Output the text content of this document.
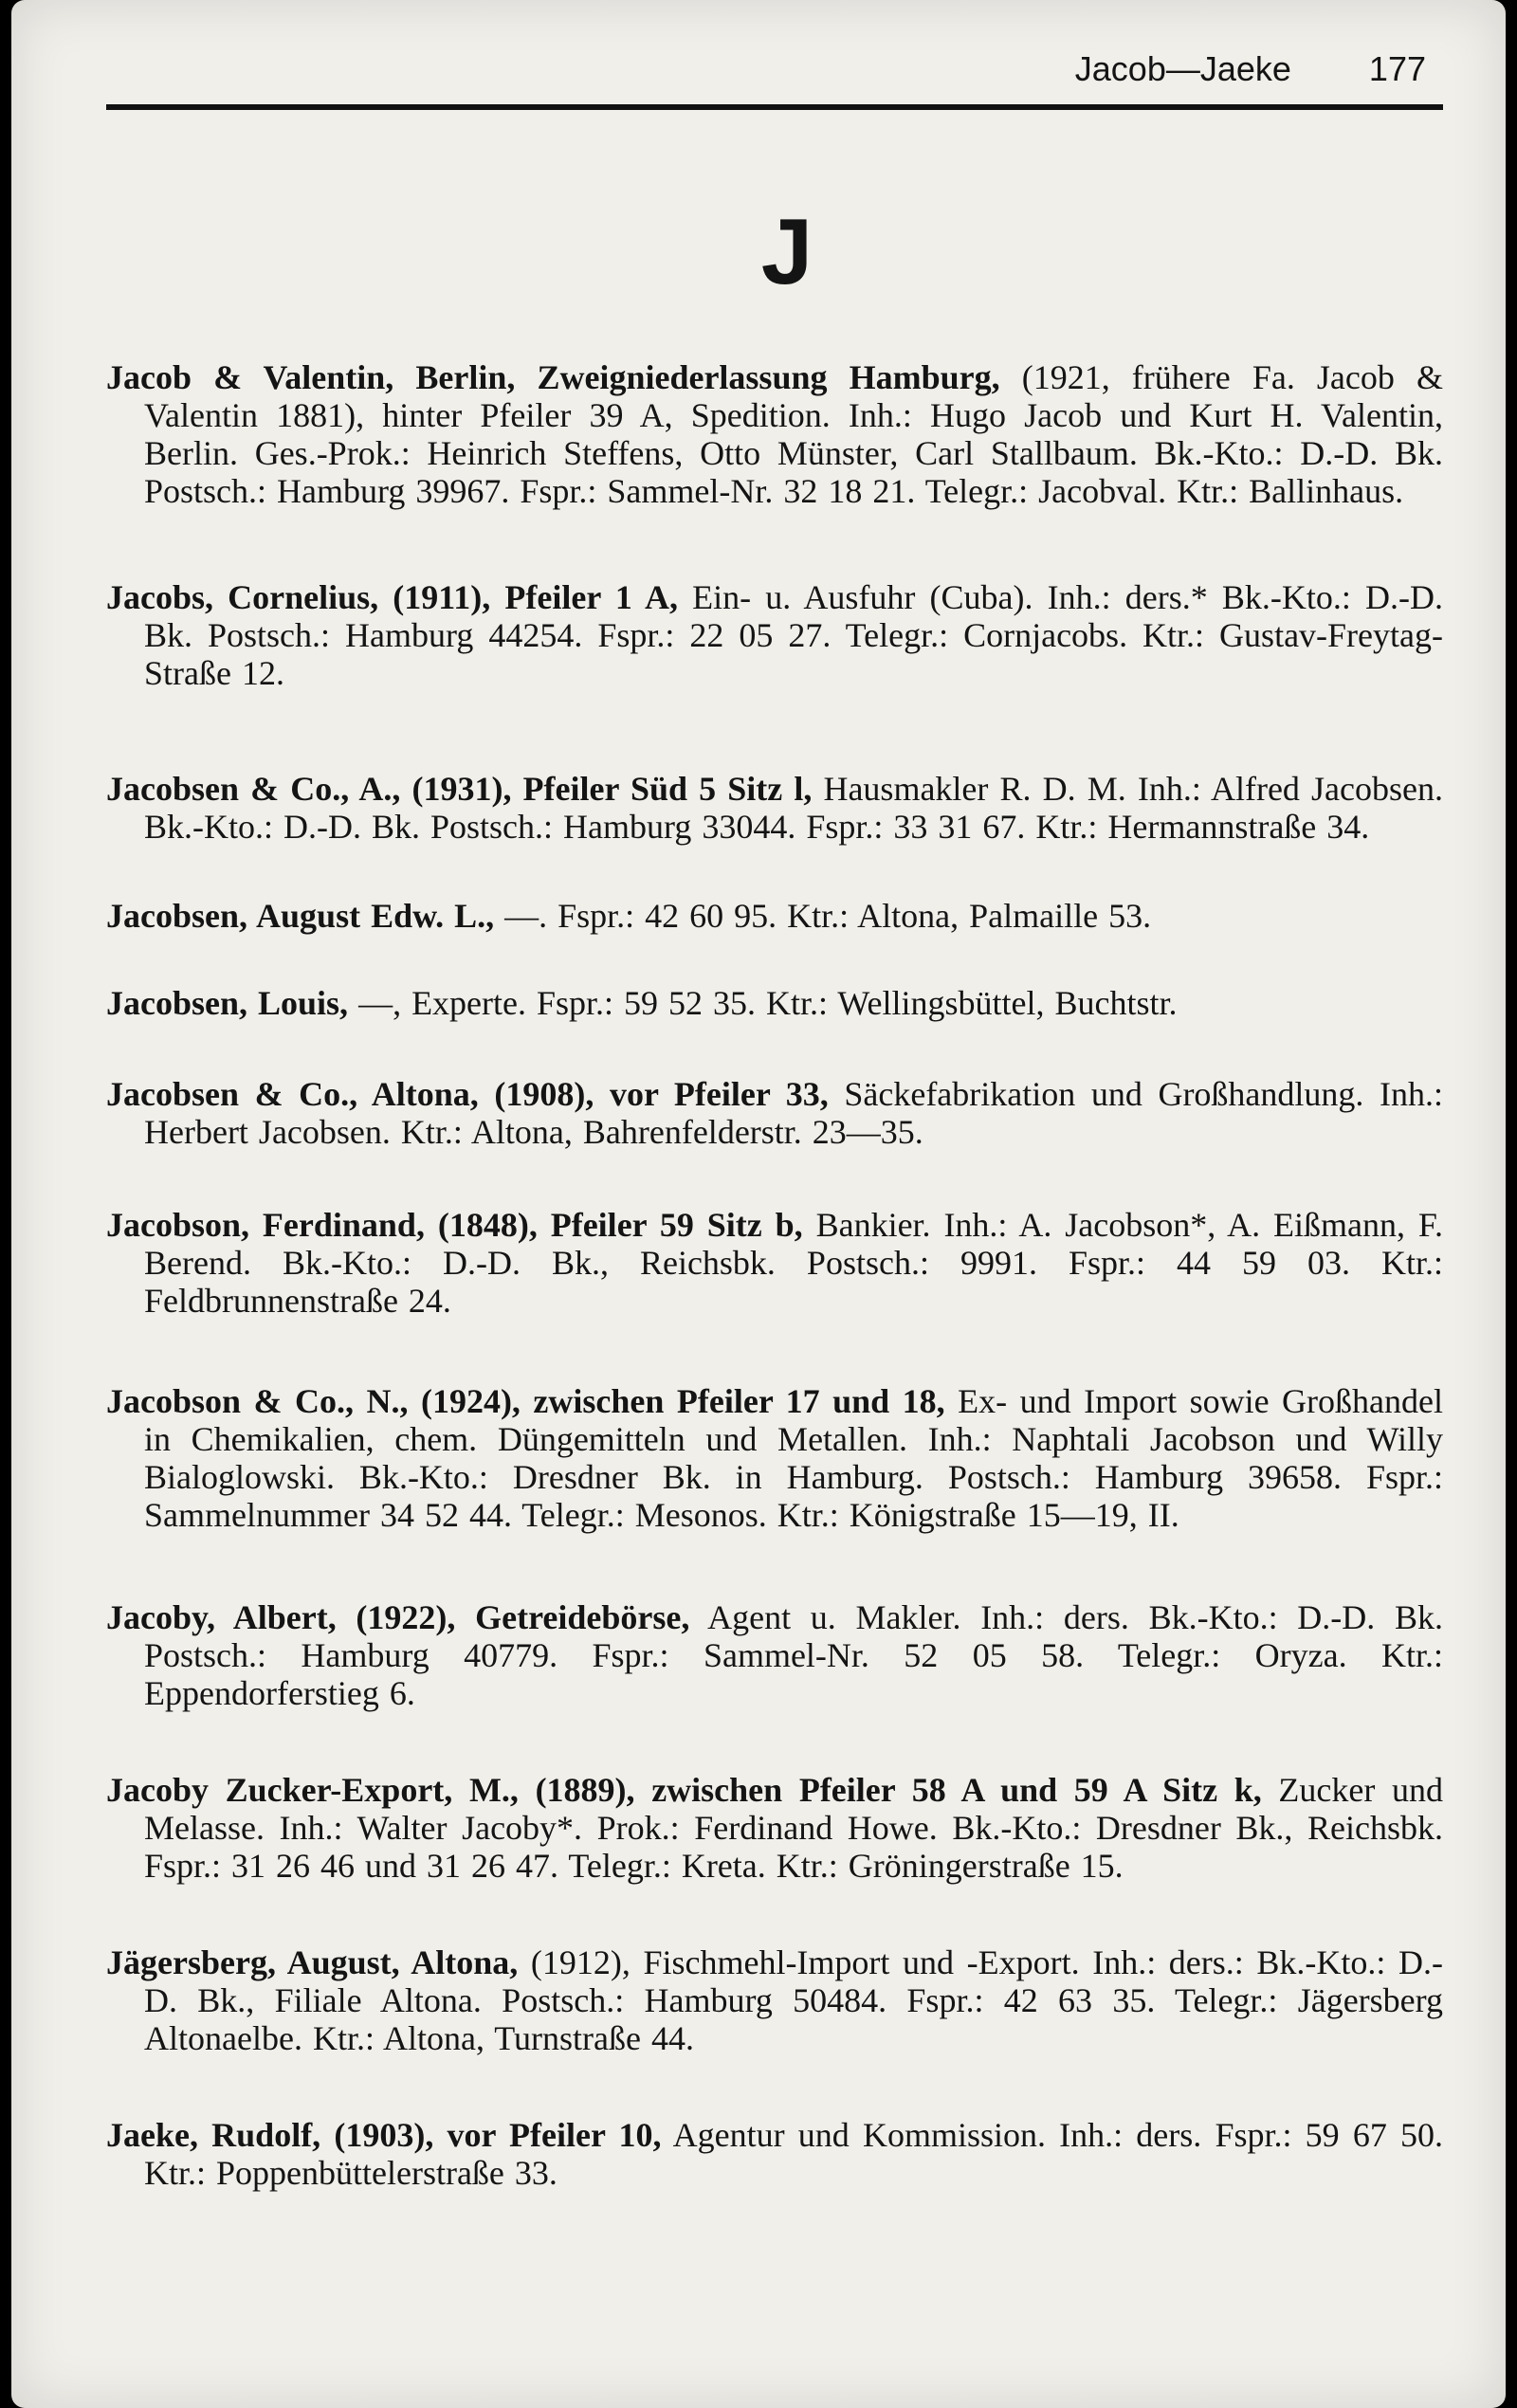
Jacob—Jaeke 177
J
Jacob & Valentin, Berlin, Zweigniederlassung Hamburg, (1921, frühere Fa. Jacob & Valentin 1881), hinter Pfeiler 39 A, Spedition. Inh.: Hugo Jacob und Kurt H. Valentin, Berlin. Ges.-Prok.: Heinrich Steffens, Otto Münster, Carl Stallbaum. Bk.-Kto.: D.-D. Bk. Postsch.: Hamburg 39967. Fspr.: Sammel-Nr. 32 18 21. Telegr.: Jacobval. Ktr.: Ballinhaus.
Jacobs, Cornelius, (1911), Pfeiler 1 A, Ein- u. Ausfuhr (Cuba). Inh.: ders.* Bk.-Kto.: D.-D. Bk. Postsch.: Hamburg 44254. Fspr.: 22 05 27. Telegr.: Cornjacobs. Ktr.: Gustav-Freytag-Straße 12.
Jacobsen & Co., A., (1931), Pfeiler Süd 5 Sitz l, Hausmakler R. D. M. Inh.: Alfred Jacobsen. Bk.-Kto.: D.-D. Bk. Postsch.: Hamburg 33044. Fspr.: 33 31 67. Ktr.: Hermannstraße 34.
Jacobsen, August Edw. L., —. Fspr.: 42 60 95. Ktr.: Altona, Palmaille 53.
Jacobsen, Louis, —, Experte. Fspr.: 59 52 35. Ktr.: Wellingsbüttel, Buchtstr.
Jacobsen & Co., Altona, (1908), vor Pfeiler 33, Säckefabrikation und Großhandlung. Inh.: Herbert Jacobsen. Ktr.: Altona, Bahrenfelderstr. 23—35.
Jacobson, Ferdinand, (1848), Pfeiler 59 Sitz b, Bankier. Inh.: A. Jacobson*, A. Eißmann, F. Berend. Bk.-Kto.: D.-D. Bk., Reichsbk. Postsch.: 9991. Fspr.: 44 59 03. Ktr.: Feldbrunnenstraße 24.
Jacobson & Co., N., (1924), zwischen Pfeiler 17 und 18, Ex- und Import sowie Großhandel in Chemikalien, chem. Düngemitteln und Metallen. Inh.: Naphtali Jacobson und Willy Bialoglowski. Bk.-Kto.: Dresdner Bk. in Hamburg. Postsch.: Hamburg 39658. Fspr.: Sammelnummer 34 52 44. Telegr.: Mesonos. Ktr.: Königstraße 15—19, II.
Jacoby, Albert, (1922), Getreidebörse, Agent u. Makler. Inh.: ders. Bk.-Kto.: D.-D. Bk. Postsch.: Hamburg 40779. Fspr.: Sammel-Nr. 52 05 58. Telegr.: Oryza. Ktr.: Eppendorferstieg 6.
Jacoby Zucker-Export, M., (1889), zwischen Pfeiler 58 A und 59 A Sitz k, Zucker und Melasse. Inh.: Walter Jacoby*. Prok.: Ferdinand Howe. Bk.-Kto.: Dresdner Bk., Reichsbk. Fspr.: 31 26 46 und 31 26 47. Telegr.: Kreta. Ktr.: Gröningerstraße 15.
Jägersberg, August, Altona, (1912), Fischmehl-Import und -Export. Inh.: ders.: Bk.-Kto.: D.-D. Bk., Filiale Altona. Postsch.: Hamburg 50484. Fspr.: 42 63 35. Telegr.: Jägersberg Altonaelbe. Ktr.: Altona, Turnstraße 44.
Jaeke, Rudolf, (1903), vor Pfeiler 10, Agentur und Kommission. Inh.: ders. Fspr.: 59 67 50. Ktr.: Poppenbüttelerstraße 33.
